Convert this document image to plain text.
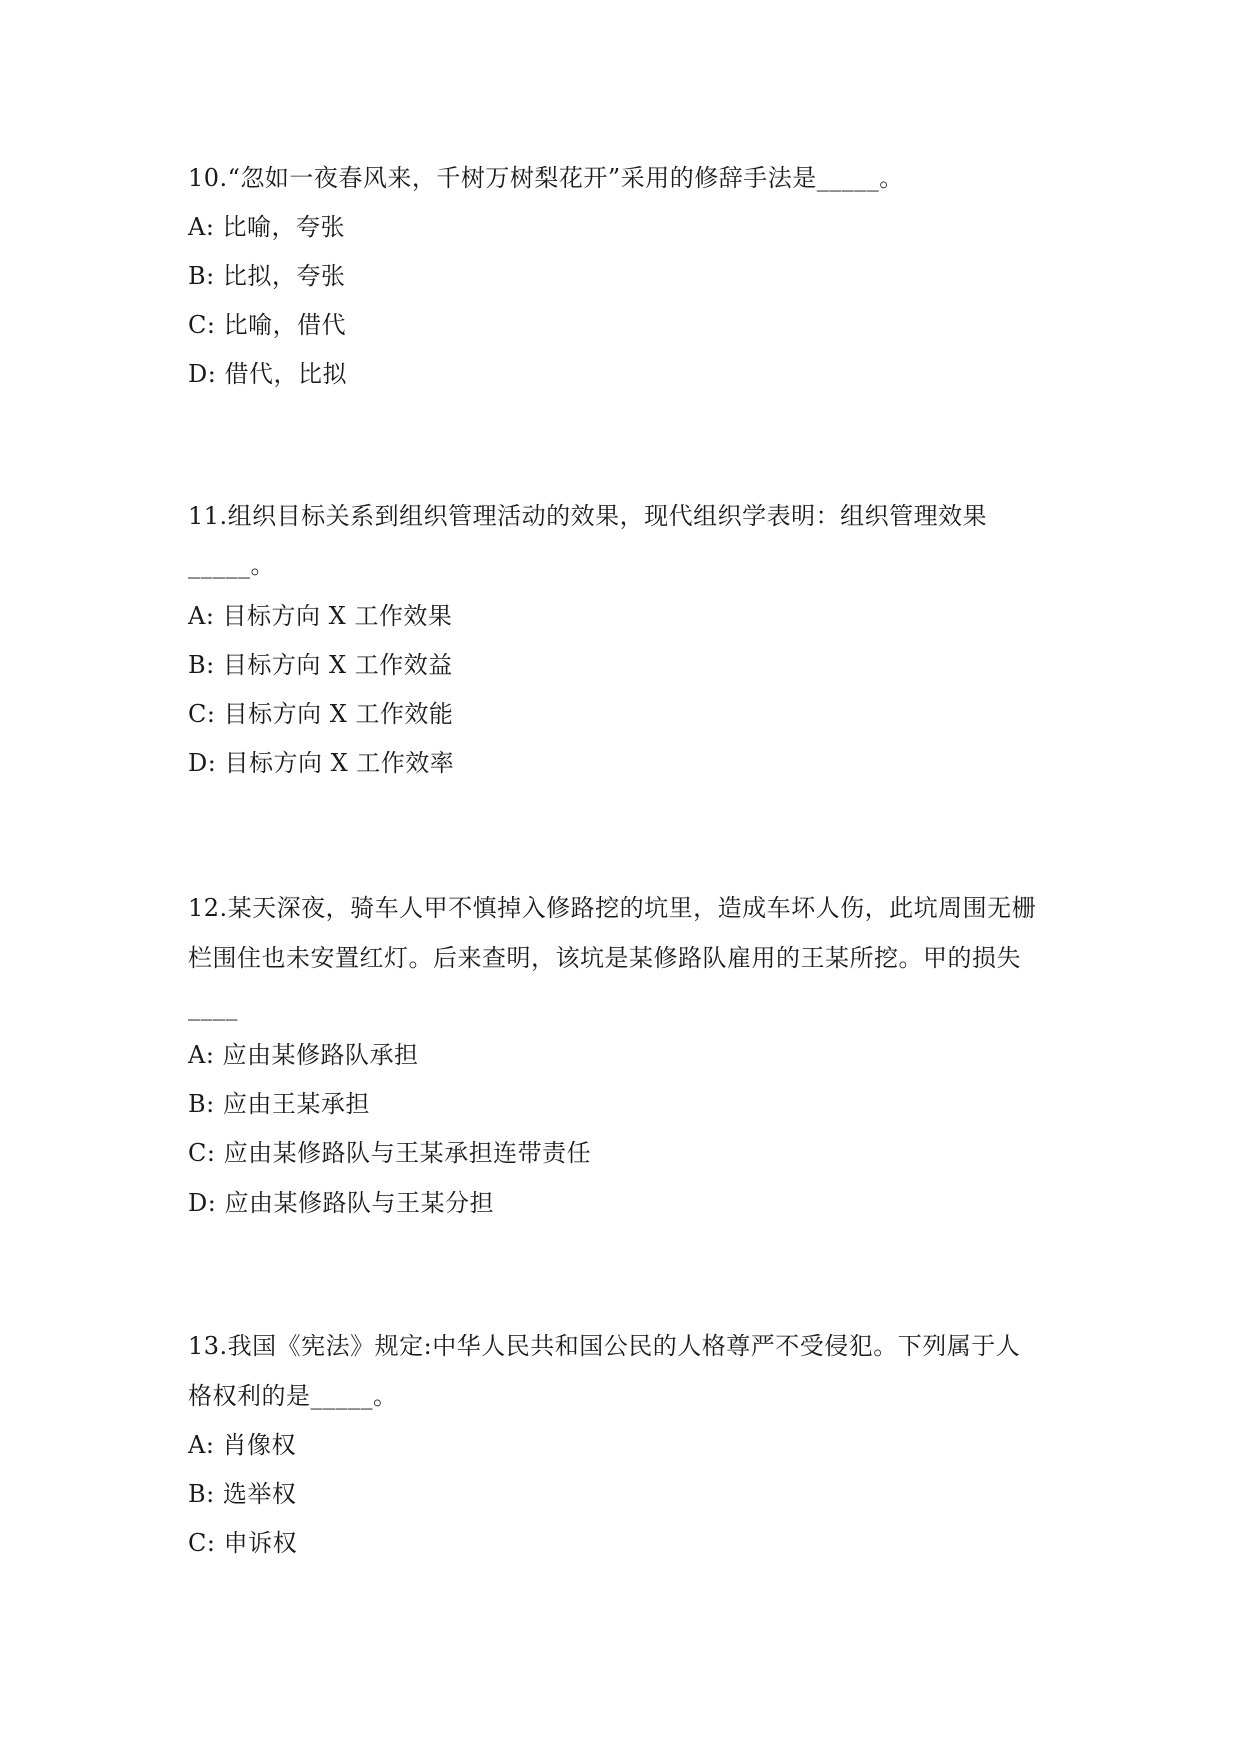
10.“忽如一夜春风来，千树万树梨花开”采用的修辞手法是_____。
A: 比喻，夸张
B: 比拟，夸张
C: 比喻，借代
D: 借代，比拟
11.组织目标关系到组织管理活动的效果，现代组织学表明：组织管理效果
_____。
A: 目标方向 X 工作效果
B: 目标方向 X 工作效益
C: 目标方向 X 工作效能
D: 目标方向 X 工作效率
12.某天深夜，骑车人甲不慎掉入修路挖的坑里，造成车坏人伤，此坑周围无栅
栏围住也未安置红灯。后来查明，该坑是某修路队雇用的王某所挖。甲的损失
____
A: 应由某修路队承担
B: 应由王某承担
C: 应由某修路队与王某承担连带责任
D: 应由某修路队与王某分担
13.我国《宪法》规定:中华人民共和国公民的人格尊严不受侵犯。下列属于人
格权利的是_____。
A: 肖像权
B: 选举权
C: 申诉权
